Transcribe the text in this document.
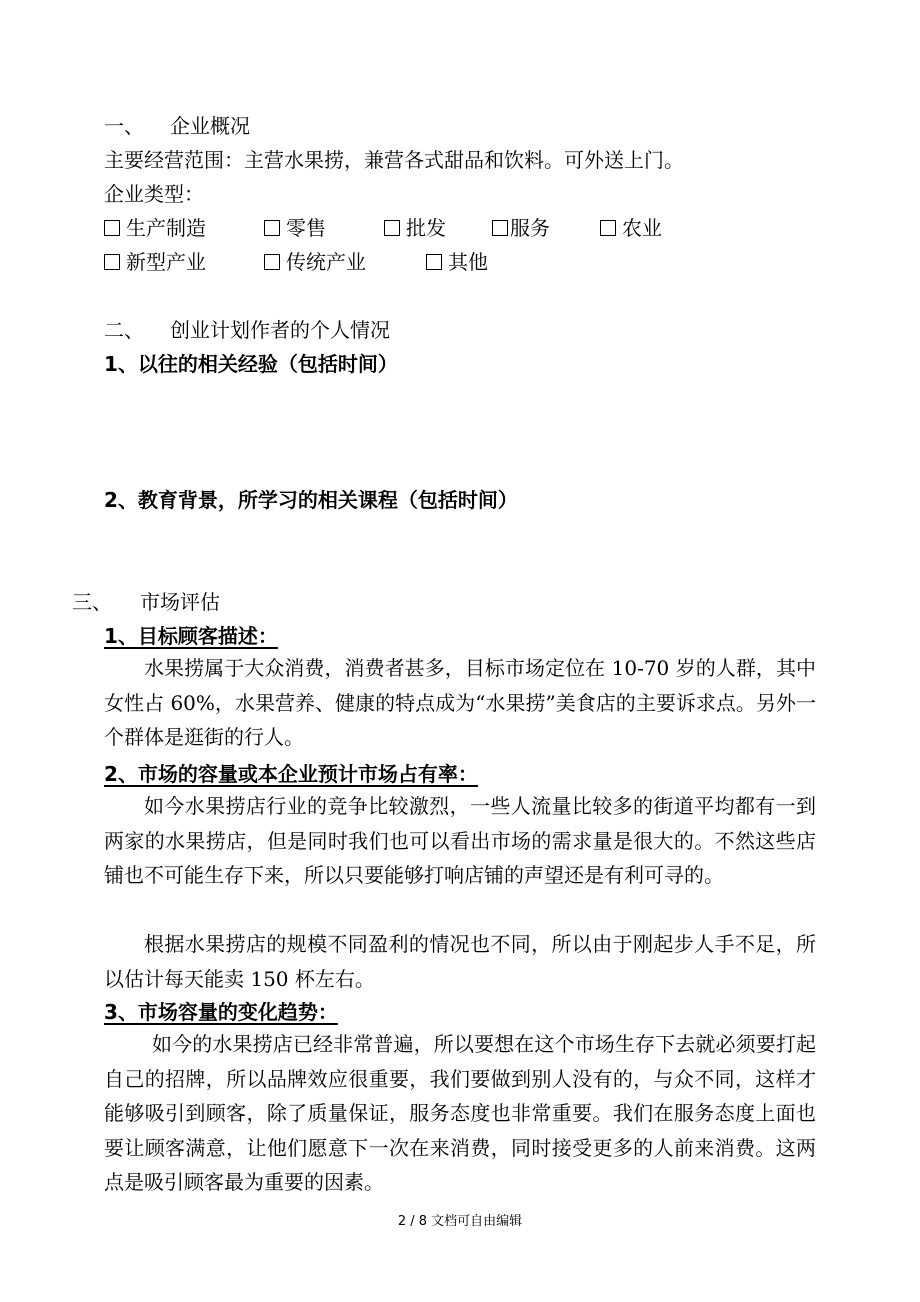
一、 企业概况
主要经营范围：主营水果捞，兼营各式甜品和饮料。可外送上门。
企业类型：
生产制造	零售	批发	服务	农业
新型产业	传统产业	其他
二、 创业计划作者的个人情况
1、以往的相关经验（包括时间）
2、教育背景，所学习的相关课程（包括时间）
三、 市场评估
1、目标顾客描述：
水果捞属于大众消费，消费者甚多，目标市场定位在 10-70 岁的人群，其中女性占 60%，水果营养、健康的特点成为“水果捞”美食店的主要诉求点。另外一个群体是逛街的行人。
2、市场的容量或本企业预计市场占有率：
如今水果捞店行业的竞争比较激烈，一些人流量比较多的街道平均都有一到两家的水果捞店，但是同时我们也可以看出市场的需求量是很大的。不然这些店铺也不可能生存下来，所以只要能够打响店铺的声望还是有利可寻的。
根据水果捞店的规模不同盈利的情况也不同，所以由于刚起步人手不足，所以估计每天能卖 150 杯左右。
3、市场容量的变化趋势：
如今的水果捞店已经非常普遍，所以要想在这个市场生存下去就必须要打起自己的招牌，所以品牌效应很重要，我们要做到别人没有的，与众不同，这样才能够吸引到顾客，除了质量保证，服务态度也非常重要。我们在服务态度上面也要让顾客满意，让他们愿意下一次在来消费，同时接受更多的人前来消费。这两点是吸引顾客最为重要的因素。
2 / 8 文档可自由编辑
